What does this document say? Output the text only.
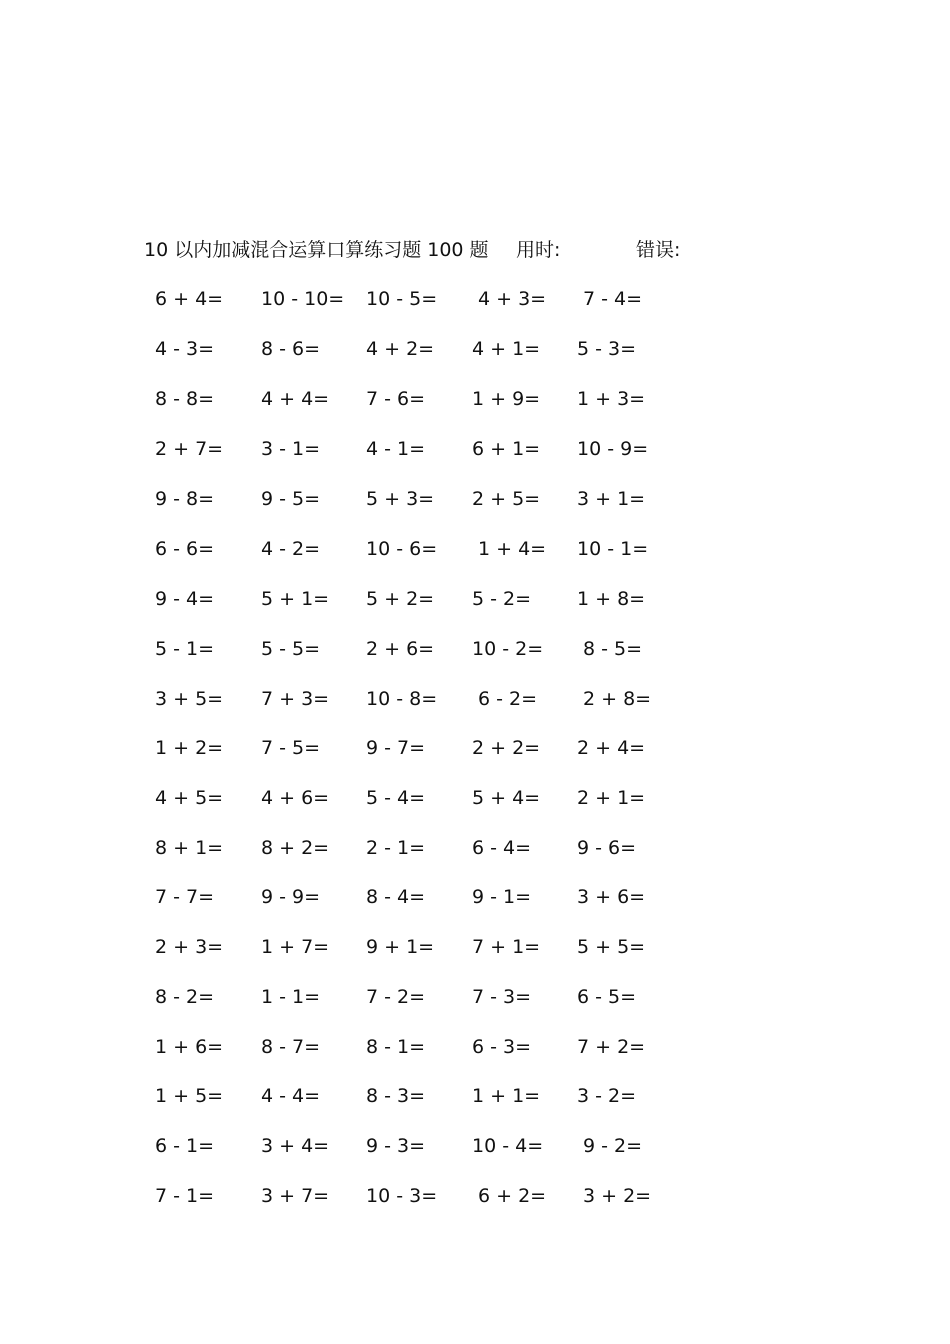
10 以内加减混合运算口算练习题 100 题 用时:	错误:
6 + 4= 10 - 10= 10 - 5= 4 + 3= 7 - 4=
4 - 3= 8 - 6= 4 + 2= 4 + 1= 5 - 3=
8 - 8= 4 + 4= 7 - 6= 1 + 9= 1 + 3=
2 + 7= 3 - 1= 4 - 1= 6 + 1= 10 - 9=
9 - 8= 9 - 5= 5 + 3= 2 + 5= 3 + 1=
6 - 6= 4 - 2= 10 - 6= 1 + 4= 10 - 1=
9 - 4= 5 + 1= 5 + 2= 5 - 2= 1 + 8=
5 - 1= 5 - 5= 2 + 6= 10 - 2= 8 - 5=
3 + 5= 7 + 3= 10 - 8= 6 - 2= 2 + 8=
1 + 2= 7 - 5= 9 - 7= 2 + 2= 2 + 4=
4 + 5= 4 + 6= 5 - 4= 5 + 4= 2 + 1=
8 + 1= 8 + 2= 2 - 1= 6 - 4= 9 - 6=
7 - 7= 9 - 9= 8 - 4= 9 - 1= 3 + 6=
2 + 3= 1 + 7= 9 + 1= 7 + 1= 5 + 5=
8 - 2= 1 - 1= 7 - 2= 7 - 3= 6 - 5=
1 + 6= 8 - 7= 8 - 1= 6 - 3= 7 + 2=
1 + 5= 4 - 4= 8 - 3= 1 + 1= 3 - 2=
6 - 1= 3 + 4= 9 - 3= 10 - 4= 9 - 2=
7 - 1= 3 + 7= 10 - 3= 6 + 2= 3 + 2=
